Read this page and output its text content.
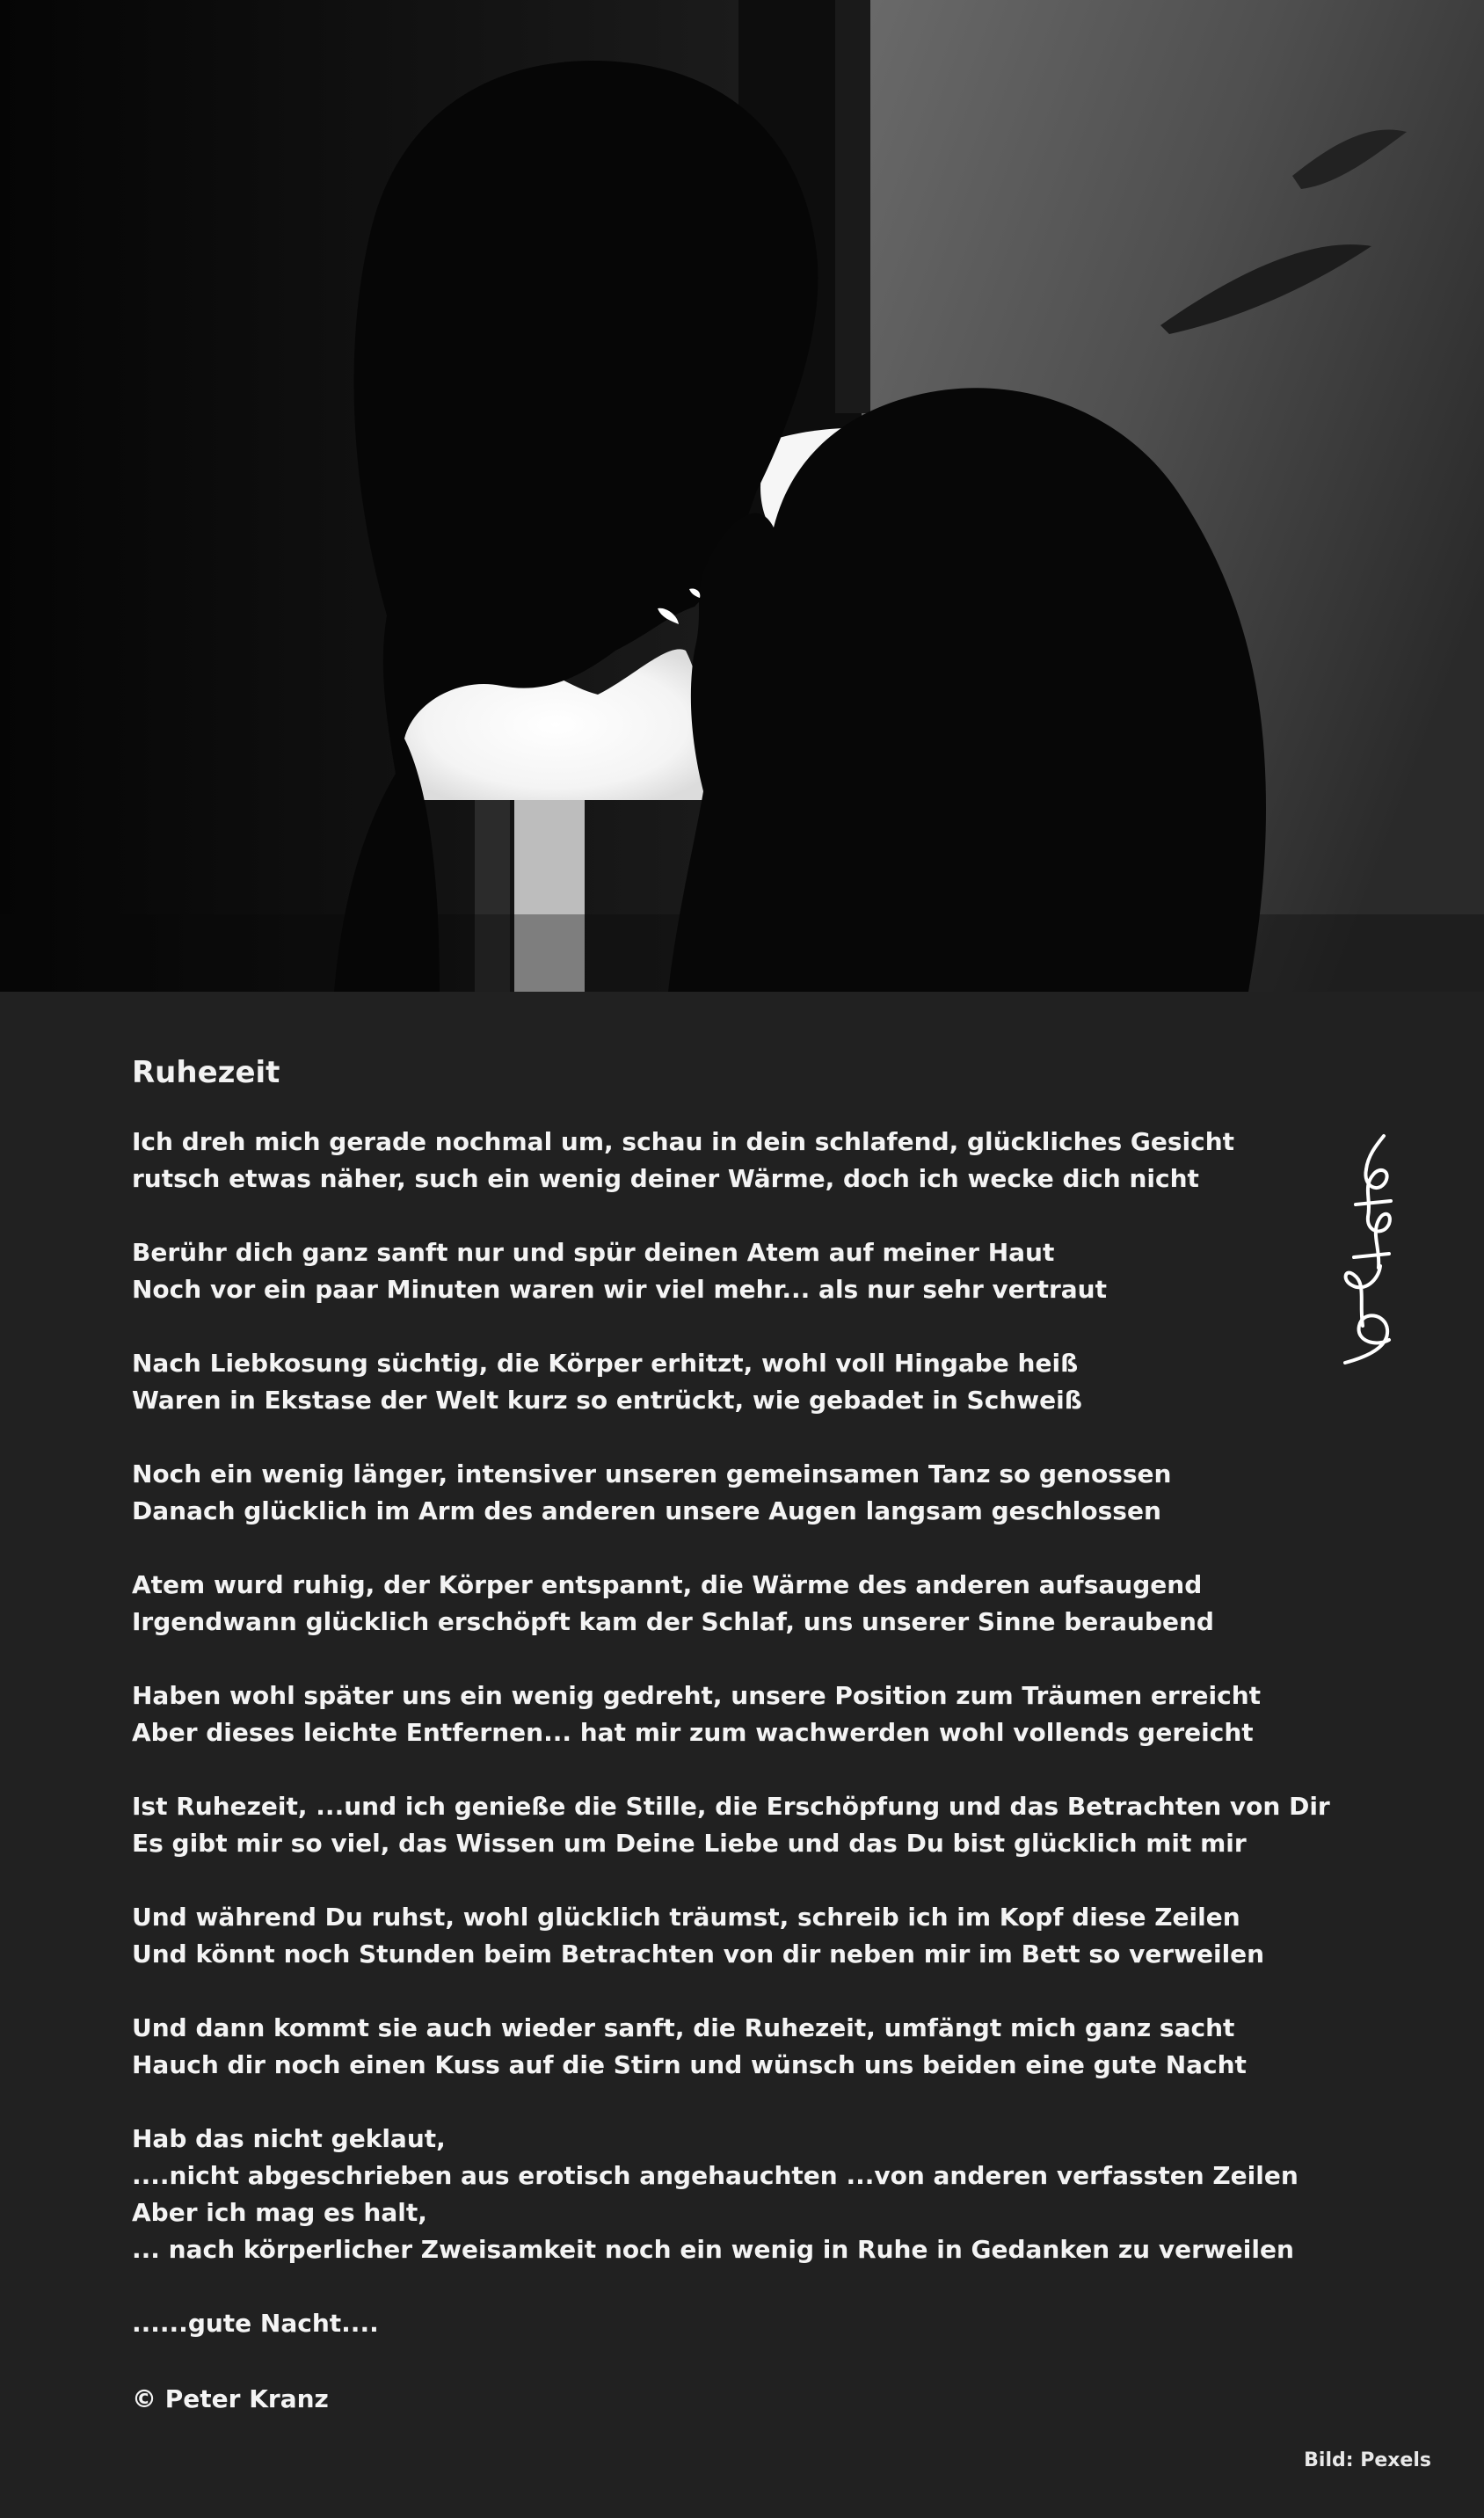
Ruhezeit

Ich dreh mich gerade nochmal um, schau in dein schlafend, glückliches Gesicht
rutsch etwas näher, such ein wenig deiner Wärme, doch ich wecke dich nicht

Berühr dich ganz sanft nur und spür deinen Atem auf meiner Haut
Noch vor ein paar Minuten waren wir viel mehr... als nur sehr vertraut

Nach Liebkosung süchtig, die Körper erhitzt, wohl voll Hingabe heiß
Waren in Ekstase der Welt kurz so entrückt, wie gebadet in Schweiß

Noch ein wenig länger, intensiver unseren gemeinsamen Tanz so genossen
Danach glücklich im Arm des anderen unsere Augen langsam geschlossen

Atem wurd ruhig, der Körper entspannt, die Wärme des anderen aufsaugend
Irgendwann glücklich erschöpft kam der Schlaf, uns unserer Sinne beraubend

Haben wohl später uns ein wenig gedreht, unsere Position zum Träumen erreicht
Aber dieses leichte Entfernen... hat mir zum wachwerden wohl vollends gereicht

Ist Ruhezeit, ...und ich genieße die Stille, die Erschöpfung und das Betrachten von Dir
Es gibt mir so viel, das Wissen um Deine Liebe und das Du bist glücklich mit mir

Und während Du ruhst, wohl glücklich träumst, schreib ich im Kopf diese Zeilen
Und könnt noch Stunden beim Betrachten von dir neben mir im Bett so verweilen

Und dann kommt sie auch wieder sanft, die Ruhezeit, umfängt mich ganz sacht
Hauch dir noch einen Kuss auf die Stirn und wünsch uns beiden eine gute Nacht

Hab das nicht geklaut,
....nicht abgeschrieben aus erotisch angehauchten ...von anderen verfassten Zeilen
Aber ich mag es halt,
... nach körperlicher Zweisamkeit noch ein wenig in Ruhe in Gedanken zu verweilen

......gute Nacht....

© Peter Kranz
Bild: Pexels
